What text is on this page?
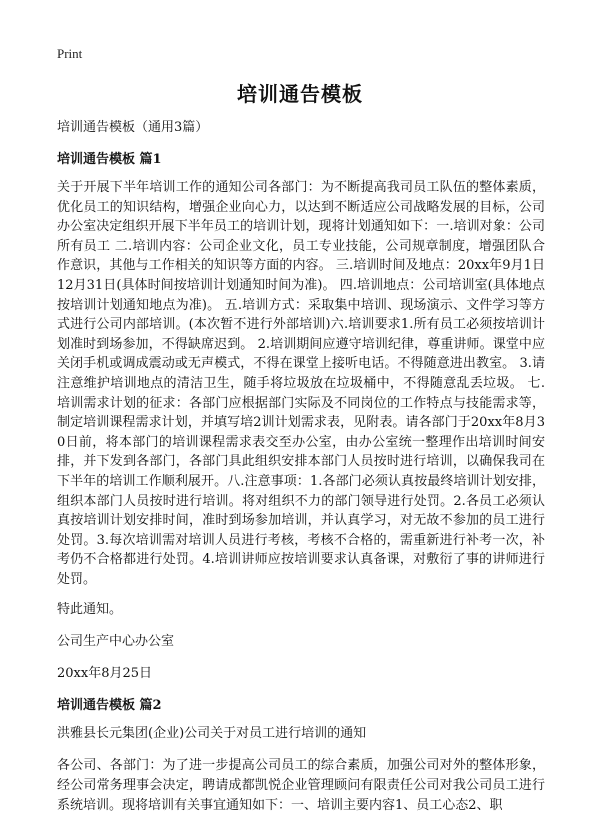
Print
培训通告模板
培训通告模板（通用3篇）
培训通告模板 篇1
关于开展下半年培训工作的通知公司各部门：为不断提高我司员工队伍的整体素质，优化员工的知识结构，增强企业向心力，以达到不断适应公司战略发展的目标，公司办公室决定组织开展下半年员工的培训计划，现将计划通知如下：一.培训对象：公司所有员工 二.培训内容：公司企业文化，员工专业技能，公司规章制度，增强团队合作意识，其他与工作相关的知识等方面的内容。 三.培训时间及地点：20xx年9月1日12月31日(具体时间按培训计划通知时间为准)。 四.培训地点：公司培训室(具体地点按培训计划通知地点为准)。 五.培训方式：采取集中培训、现场演示、文件学习等方式进行公司内部培训。(本次暂不进行外部培训)六.培训要求1.所有员工必须按培训计划准时到场参加，不得缺席迟到。 2.培训期间应遵守培训纪律，尊重讲师。课堂中应关闭手机或调成震动或无声模式，不得在课堂上接听电话。不得随意进出教室。 3.请注意维护培训地点的清洁卫生，随手将垃圾放在垃圾桶中，不得随意乱丢垃圾。 七.培训需求计划的征求：各部门应根据部门实际及不同岗位的工作特点与技能需求等，制定培训课程需求计划，并填写培2训计划需求表，见附表。请各部门于20xx年8月30日前，将本部门的培训课程需求表交至办公室，由办公室统一整理作出培训时间安排，并下发到各部门，各部门具此组织安排本部门人员按时进行培训，以确保我司在下半年的培训工作顺利展开。八.注意事项：1.各部门必须认真按最终培训计划安排，组织本部门人员按时进行培训。将对组织不力的部门领导进行处罚。2.各员工必须认真按培训计划安排时间，准时到场参加培训，并认真学习，对无故不参加的员工进行处罚。3.每次培训需对培训人员进行考核，考核不合格的，需重新进行补考一次，补考仍不合格都进行处罚。4.培训讲师应按培训要求认真备课，对敷衍了事的讲师进行处罚。
特此通知。
公司生产中心办公室
20xx年8月25日
培训通告模板 篇2
洪雅县长元集团(企业)公司关于对员工进行培训的通知
各公司、各部门：为了进一步提高公司员工的综合素质，加强公司对外的整体形象，经公司常务理事会决定，聘请成都凯悦企业管理顾问有限责任公司对我公司员工进行系统培训。现将培训有关事宜通知如下：一、培训主要内容1、员工心态2、职
